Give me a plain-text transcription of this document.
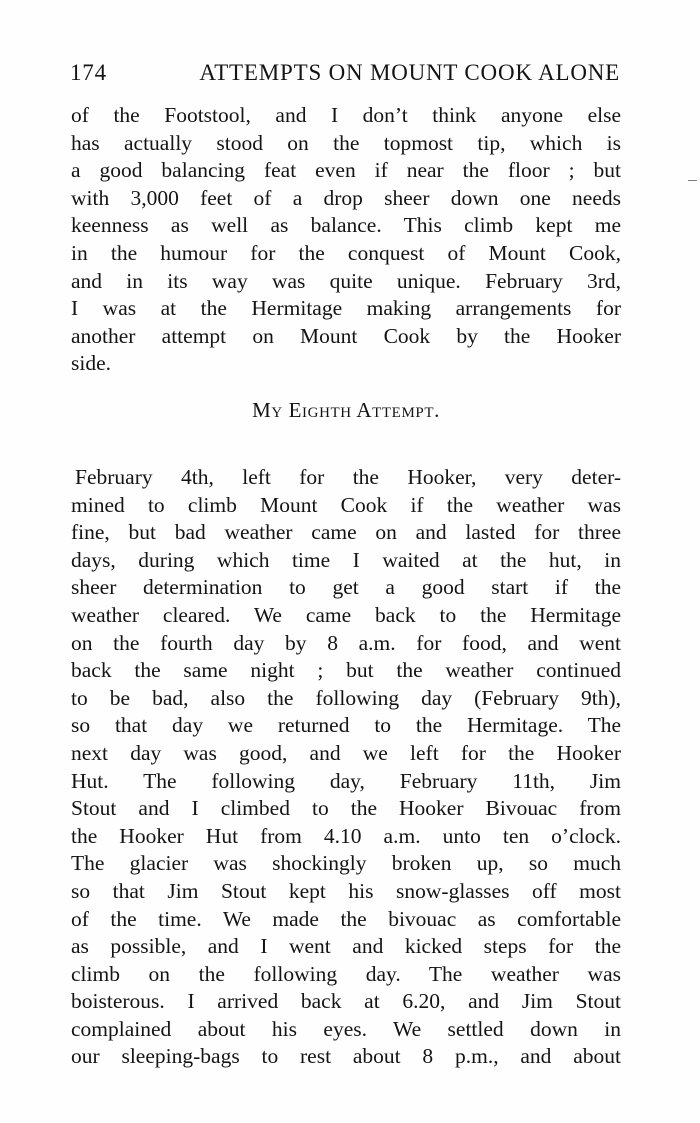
174	ATTEMPTS ON MOUNT COOK ALONE
of the Footstool, and I don’t think anyone else
has actually stood on the topmost tip, which is
a good balancing feat even if near the floor ; but
with 3,000 feet of a drop sheer down one needs
keenness as well as balance. This climb kept me
in the humour for the conquest of Mount Cook,
and in its way was quite unique. February 3rd,
I was at the Hermitage making arrangements for
another attempt on Mount Cook by the Hooker
side.
My Eighth Attempt.
February 4th, left for the Hooker, very deter-
mined to climb Mount Cook if the weather was
fine, but bad weather came on and lasted for three
days, during which time I waited at the hut, in
sheer determination to get a good start if the
weather cleared. We came back to the Hermitage
on the fourth day by 8 a.m. for food, and went
back the same night ; but the weather continued
to be bad, also the following day (February 9th),
so that day we returned to the Hermitage. The
next day was good, and we left for the Hooker
Hut. The following day, February 11th, Jim
Stout and I climbed to the Hooker Bivouac from
the Hooker Hut from 4.10 a.m. unto ten o’clock.
The glacier was shockingly broken up, so much
so that Jim Stout kept his snow-glasses off most
of the time. We made the bivouac as comfortable
as possible, and I went and kicked steps for the
climb on the following day. The weather was
boisterous. I arrived back at 6.20, and Jim Stout
complained about his eyes. We settled down in
our sleeping-bags to rest about 8 p.m., and about
